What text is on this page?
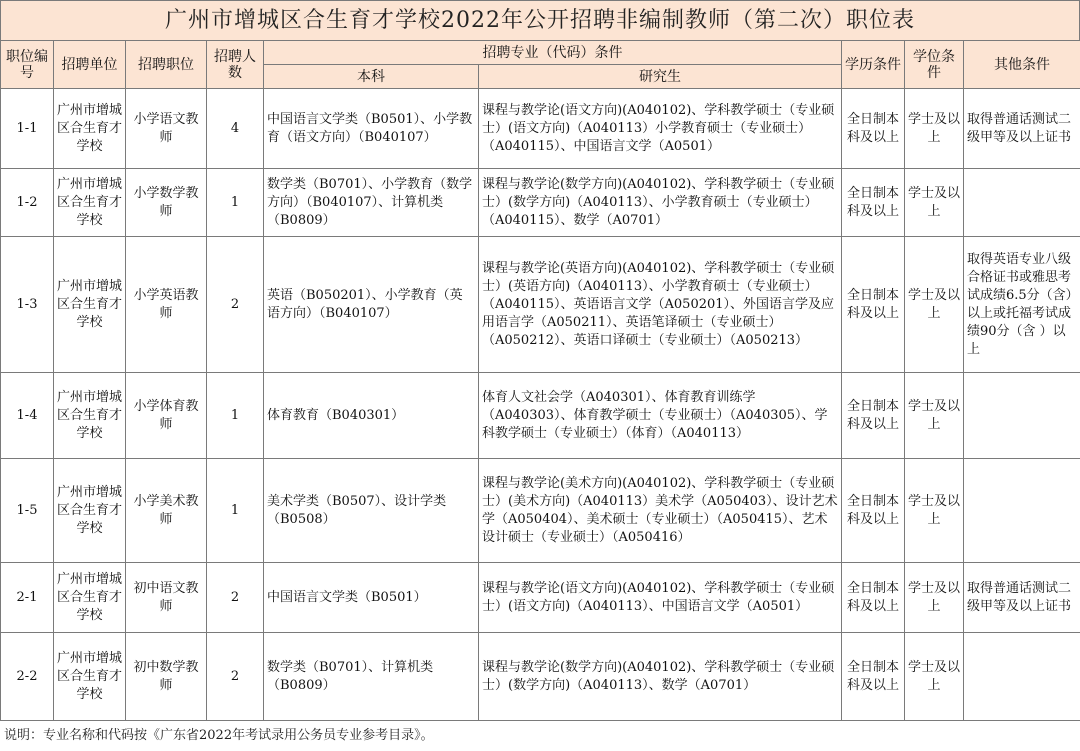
广州市增城区合生育才学校2022年公开招聘非编制教师（第二次）职位表
职位编号	招聘单位	招聘职位	招聘人数	招聘专业（代码）条件		学历条件	学位条件	其他条件
				本科	研究生			
1-1	广州市增城区合生育才学校	小学语文教师	4	中国语言文学类（B0501）、小学教育（语文方向）（B040107）	课程与教学论(语文方向)(A040102)、学科教学硕士（专业硕士）(语文方向)（A040113）小学教育硕士（专业硕士）（A040115）、中国语言文学（A0501）	全日制本科及以上	学士及以上	取得普通话测试二级甲等及以上证书
1-2	广州市增城区合生育才学校	小学数学教师	1	数学类（B0701）、小学教育（数学方向）（B040107）、计算机类（B0809）	课程与教学论(数学方向)(A040102)、学科教学硕士（专业硕士）(数学方向)（A040113）、小学教育硕士（专业硕士）（A040115）、数学（A0701）	全日制本科及以上	学士及以上	
1-3	广州市增城区合生育才学校	小学英语教师	2	英语（B050201）、小学教育（英语方向）（B040107）	课程与教学论(英语方向)(A040102)、学科教学硕士（专业硕士）(英语方向)（A040113）、小学教育硕士（专业硕士）（A040115）、英语语言文学（A050201）、外国语言学及应用语言学（A050211）、英语笔译硕士（专业硕士）（A050212）、英语口译硕士（专业硕士）（A050213）	全日制本科及以上	学士及以上	取得英语专业八级合格证书或雅思考试成绩6.5分（含）以上或托福考试成绩90分（含 ）以上
1-4	广州市增城区合生育才学校	小学体育教师	1	体育教育（B040301）	体育人文社会学（A040301）、体育教育训练学（A040303）、体育教学硕士（专业硕士）（A040305）、学科教学硕士（专业硕士）（体育）（A040113）	全日制本科及以上	学士及以上	
1-5	广州市增城区合生育才学校	小学美术教师	1	美术学类（B0507）、设计学类（B0508）	课程与教学论(美术方向)(A040102)、学科教学硕士（专业硕士）(美术方向)（A040113）美术学（A050403）、设计艺术学（A050404）、美术硕士（专业硕士）（A050415）、艺术设计硕士（专业硕士）（A050416）	全日制本科及以上	学士及以上	
2-1	广州市增城区合生育才学校	初中语文教师	2	中国语言文学类（B0501）	课程与教学论(语文方向)(A040102)、学科教学硕士（专业硕士）(语文方向)（A040113）、中国语言文学（A0501）	全日制本科及以上	学士及以上	取得普通话测试二级甲等及以上证书
2-2	广州市增城区合生育才学校	初中数学教师	2	数学类（B0701）、计算机类（B0809）	课程与教学论(数学方向)(A040102)、学科教学硕士（专业硕士）(数学方向)（A040113）、数学（A0701）	全日制本科及以上	学士及以上	
说明：专业名称和代码按《广东省2022年考试录用公务员专业参考目录》。
